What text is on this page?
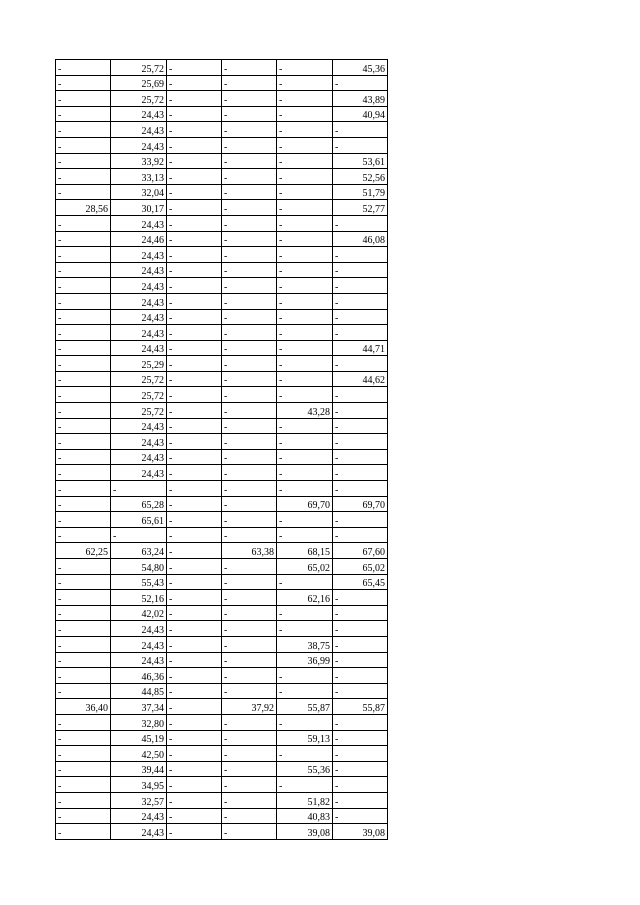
-	25,72	-	-	-	45,36
-	25,69	-	-	-	-
-	25,72	-	-	-	43,89
-	24,43	-	-	-	40,94
-	24,43	-	-	-	-
-	24,43	-	-	-	-
-	33,92	-	-	-	53,61
-	33,13	-	-	-	52,56
-	32,04	-	-	-	51,79
28,56	30,17	-	-	-	52,77
-	24,43	-	-	-	-
-	24,46	-	-	-	46,08
-	24,43	-	-	-	-
-	24,43	-	-	-	-
-	24,43	-	-	-	-
-	24,43	-	-	-	-
-	24,43	-	-	-	-
-	24,43	-	-	-	-
-	24,43	-	-	-	44,71
-	25,29	-	-	-	-
-	25,72	-	-	-	44,62
-	25,72	-	-	-	-
-	25,72	-	-	43,28	-
-	24,43	-	-	-	-
-	24,43	-	-	-	-
-	24,43	-	-	-	-
-	24,43	-	-	-	-
-	-	-	-	-	-
-	65,28	-	-	69,70	69,70
-	65,61	-	-	-	-
-	-	-	-	-	-
62,25	63,24	-	63,38	68,15	67,60
-	54,80	-	-	65,02	65,02
-	55,43	-	-	-	65,45
-	52,16	-	-	62,16	-
-	42,02	-	-	-	-
-	24,43	-	-	-	-
-	24,43	-	-	38,75	-
-	24,43	-	-	36,99	-
-	46,36	-	-	-	-
-	44,85	-	-	-	-
36,40	37,34	-	37,92	55,87	55,87
-	32,80	-	-	-	-
-	45,19	-	-	59,13	-
-	42,50	-	-	-	-
-	39,44	-	-	55,36	-
-	34,95	-	-	-	-
-	32,57	-	-	51,82	-
-	24,43	-	-	40,83	-
-	24,43	-	-	39,08	39,08
